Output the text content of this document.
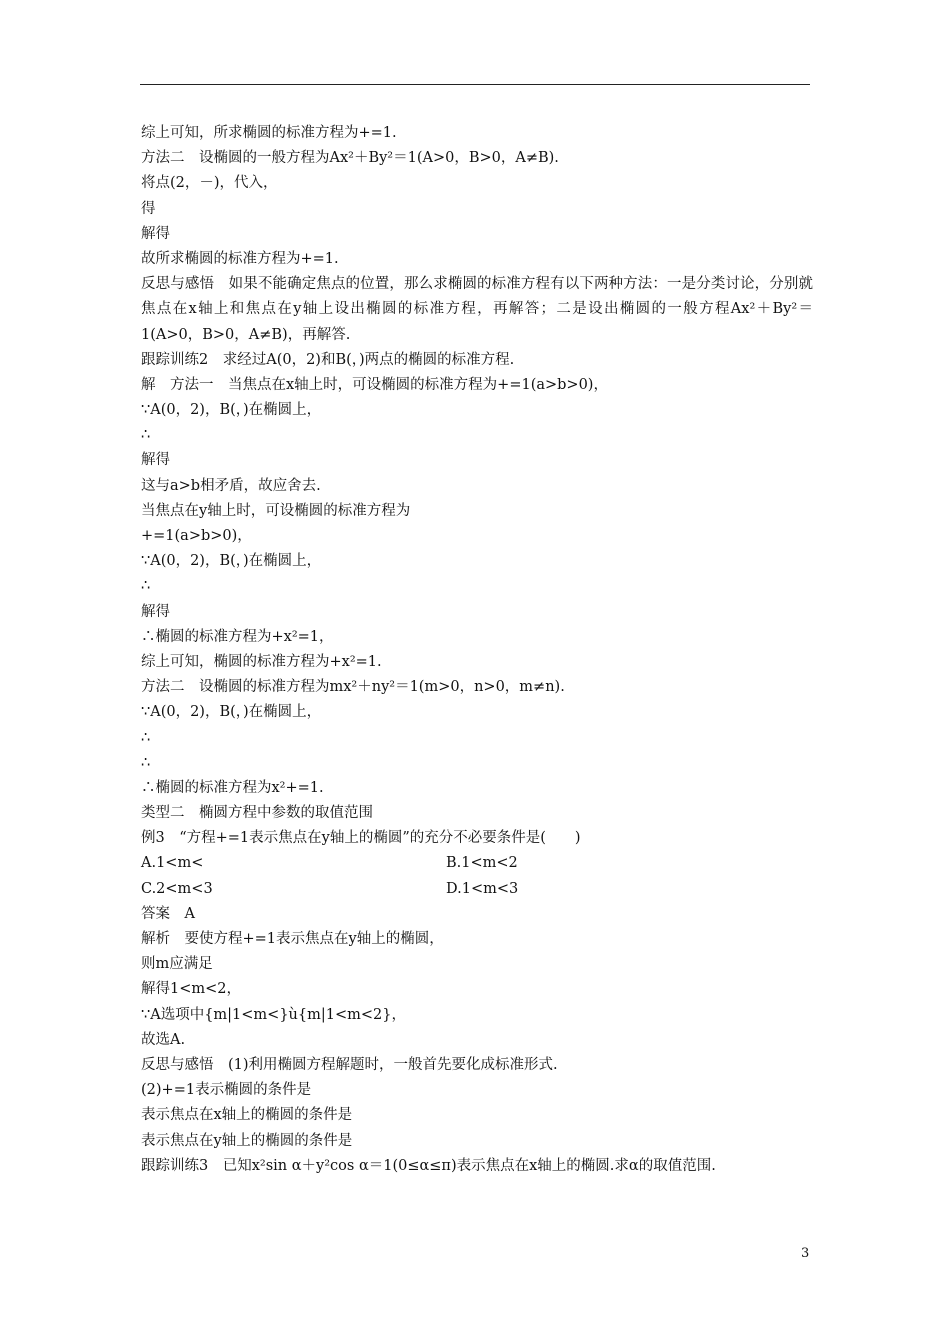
综上可知，所求椭圆的标准方程为+=1.
方法二　设椭圆的一般方程为Ax²＋By²＝1(A>0，B>0，A≠B).
将点(2，－)，代入，
得
解得
故所求椭圆的标准方程为+=1.
反思与感悟　如果不能确定焦点的位置，那么求椭圆的标准方程有以下两种方法：一是分类讨论，分别就焦点在x轴上和焦点在y轴上设出椭圆的标准方程，再解答；二是设出椭圆的一般方程Ax²＋By²＝1(A>0，B>0，A≠B)，再解答.
跟踪训练2　求经过A(0，2)和B(，)两点的椭圆的标准方程.
解　方法一　当焦点在x轴上时，可设椭圆的标准方程为+=1(a>b>0)，
∵A(0，2)，B(，)在椭圆上，
∴
解得
这与a>b相矛盾，故应舍去.
当焦点在y轴上时，可设椭圆的标准方程为
+=1(a>b>0)，
∵A(0，2)，B(，)在椭圆上，
∴
解得
∴椭圆的标准方程为+x²=1，
综上可知，椭圆的标准方程为+x²=1.
方法二　设椭圆的标准方程为mx²＋ny²＝1(m>0，n>0，m≠n).
∵A(0，2)，B(，)在椭圆上，
∴
∴
∴椭圆的标准方程为x²+=1.
类型二　椭圆方程中参数的取值范围
例3　“方程+=1表示焦点在y轴上的椭圆”的充分不必要条件是(　　)
A.1<m<	B.1<m<2
C.2<m<3	D.1<m<3
答案　A
解析　要使方程+=1表示焦点在y轴上的椭圆，
则m应满足
解得1<m<2，
∵A选项中{m|1<m<}ù{m|1<m<2}，
故选A.
反思与感悟　(1)利用椭圆方程解题时，一般首先要化成标准形式.
(2)+=1表示椭圆的条件是
表示焦点在x轴上的椭圆的条件是
表示焦点在y轴上的椭圆的条件是
跟踪训练3　已知x²sin α＋y²cos α＝1(0≤α≤π)表示焦点在x轴上的椭圆.求α的取值范围.
3
